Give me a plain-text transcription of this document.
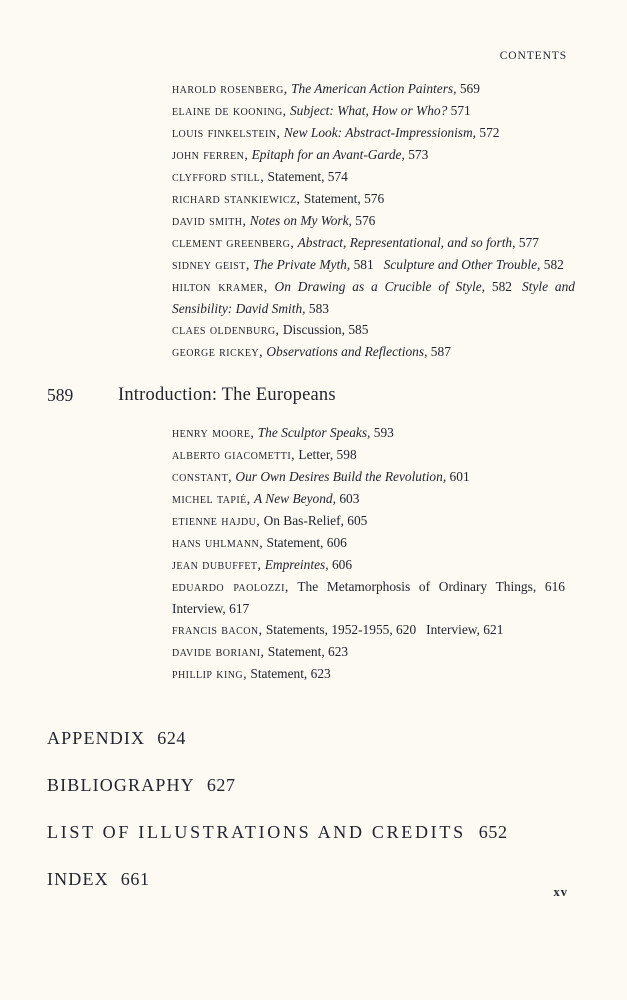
CONTENTS

harold rosenberg, The American Action Painters, 569

elaine de kooning, Subject: What, How or Who? 571

louis finkelstein, New Look: Abstract-Impressionism, 572

john ferren, Epitaph for an Avant-Garde, 573

clyfford still, Statement, 574

richard stankiewicz, Statement, 576

david smith, Notes on My Work, 576

clement greenberg, Abstract, Representational, and so forth, 577

sidney geist, The Private Myth, 581 Sculpture and Other Trouble, 582

hilton kramer, On Drawing as a Crucible of Style, 582 Style and Sensibility: David Smith, 583

claes oldenburg, Discussion, 585

george rickey, Observations and Reflections, 587

589 Introduction: The Europeans

henry moore, The Sculptor Speaks, 593

alberto giacometti, Letter, 598

constant, Our Own Desires Build the Revolution, 601

michel tapié, A New Beyond, 603

etienne hajdu, On Bas-Relief, 605

hans uhlmann, Statement, 606

jean dubuffet, Empreintes, 606

eduardo paolozzi, The Metamorphosis of Ordinary Things, 616Interview, 617

francis bacon, Statements, 1952-1955, 620 Interview, 621

davide boriani, Statement, 623

phillip king, Statement, 623

APPENDIX 624
BIBLIOGRAPHY 627
LIST OF ILLUSTRATIONS AND CREDITS 652
INDEX 661
xv
